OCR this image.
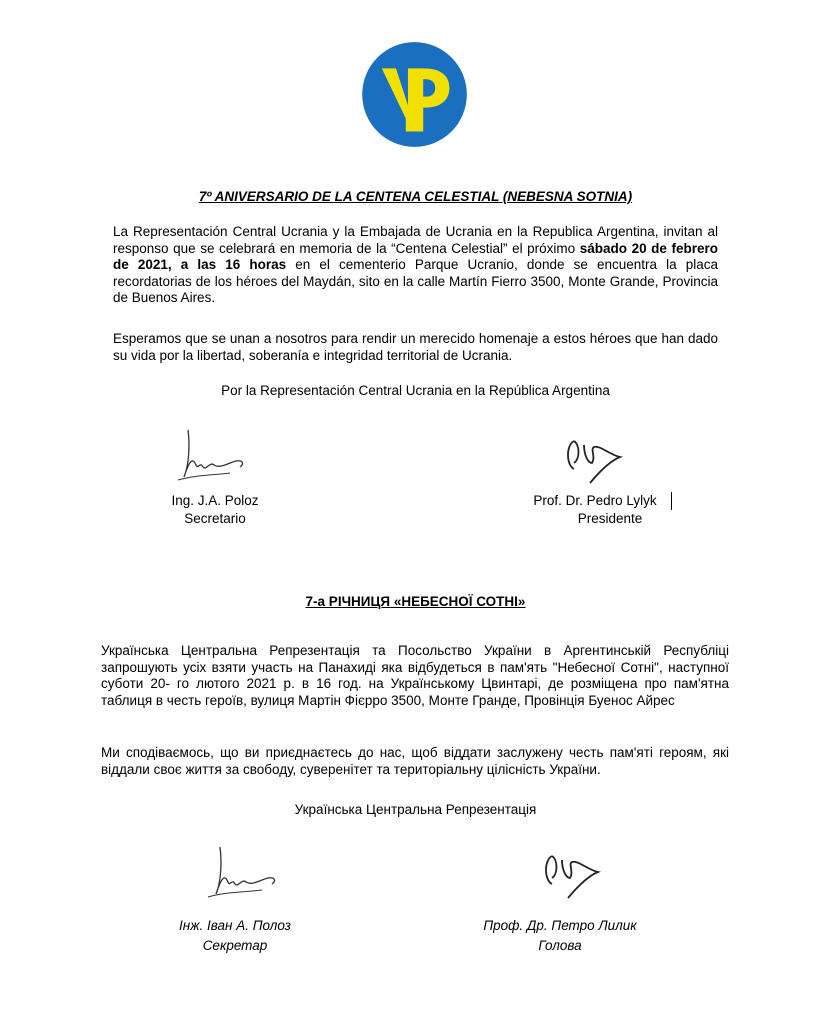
7º ANIVERSARIO DE LA CENTENA CELESTIAL (NEBESNA SOTNIA)
La Representación Central Ucrania y la Embajada de Ucrania en la Republica Argentina, invitan al responso que se celebrará en memoria de la “Centena Celestial” el próximo sábado 20 de febrero de 2021, a las 16 horas en el cementerio Parque Ucranio, donde se encuentra la placa recordatorias de los héroes del Maydán, sito en la calle Martín Fierro 3500, Monte Grande, Provincia de Buenos Aires.
Esperamos que se unan a nosotros para rendir un merecido homenaje a estos héroes que han dado su vida por la libertad, soberanía e integridad territorial de Ucrania.
Por la Representación Central Ucrania en la República Argentina
Ing. J.A. Poloz
Secretario
Prof. Dr. Pedro Lylyk
Presidente
7-а РІЧНИЦЯ «НЕБЕСНОЇ СОТНІ»
Українська Центральна Репрезентація та Посольство України в Аргентинській Республіці запрошують усіх взяти участь на Панахиді яка відбудеться в пам'ять "Небесної Сотні", наступної суботи 20- го лютого 2021 р. в 16 год. на Українському Цвинтарі, де розміщена про пам'ятна таблиця в честь героїв, вулиця Мартін Фієрро 3500, Монте Гранде, Провінція Буенос Айрес
Ми сподіваємось, що ви приєднаєтесь до нас, щоб віддати заслужену честь пам'яті героям, які віддали своє життя за свободу, суверенітет та територіальну цілісність України.
Українська Центральна Репрезентація
Інж. Іван А. Полоз
Секретар
Проф. Др. Петро Лилик
Голова
